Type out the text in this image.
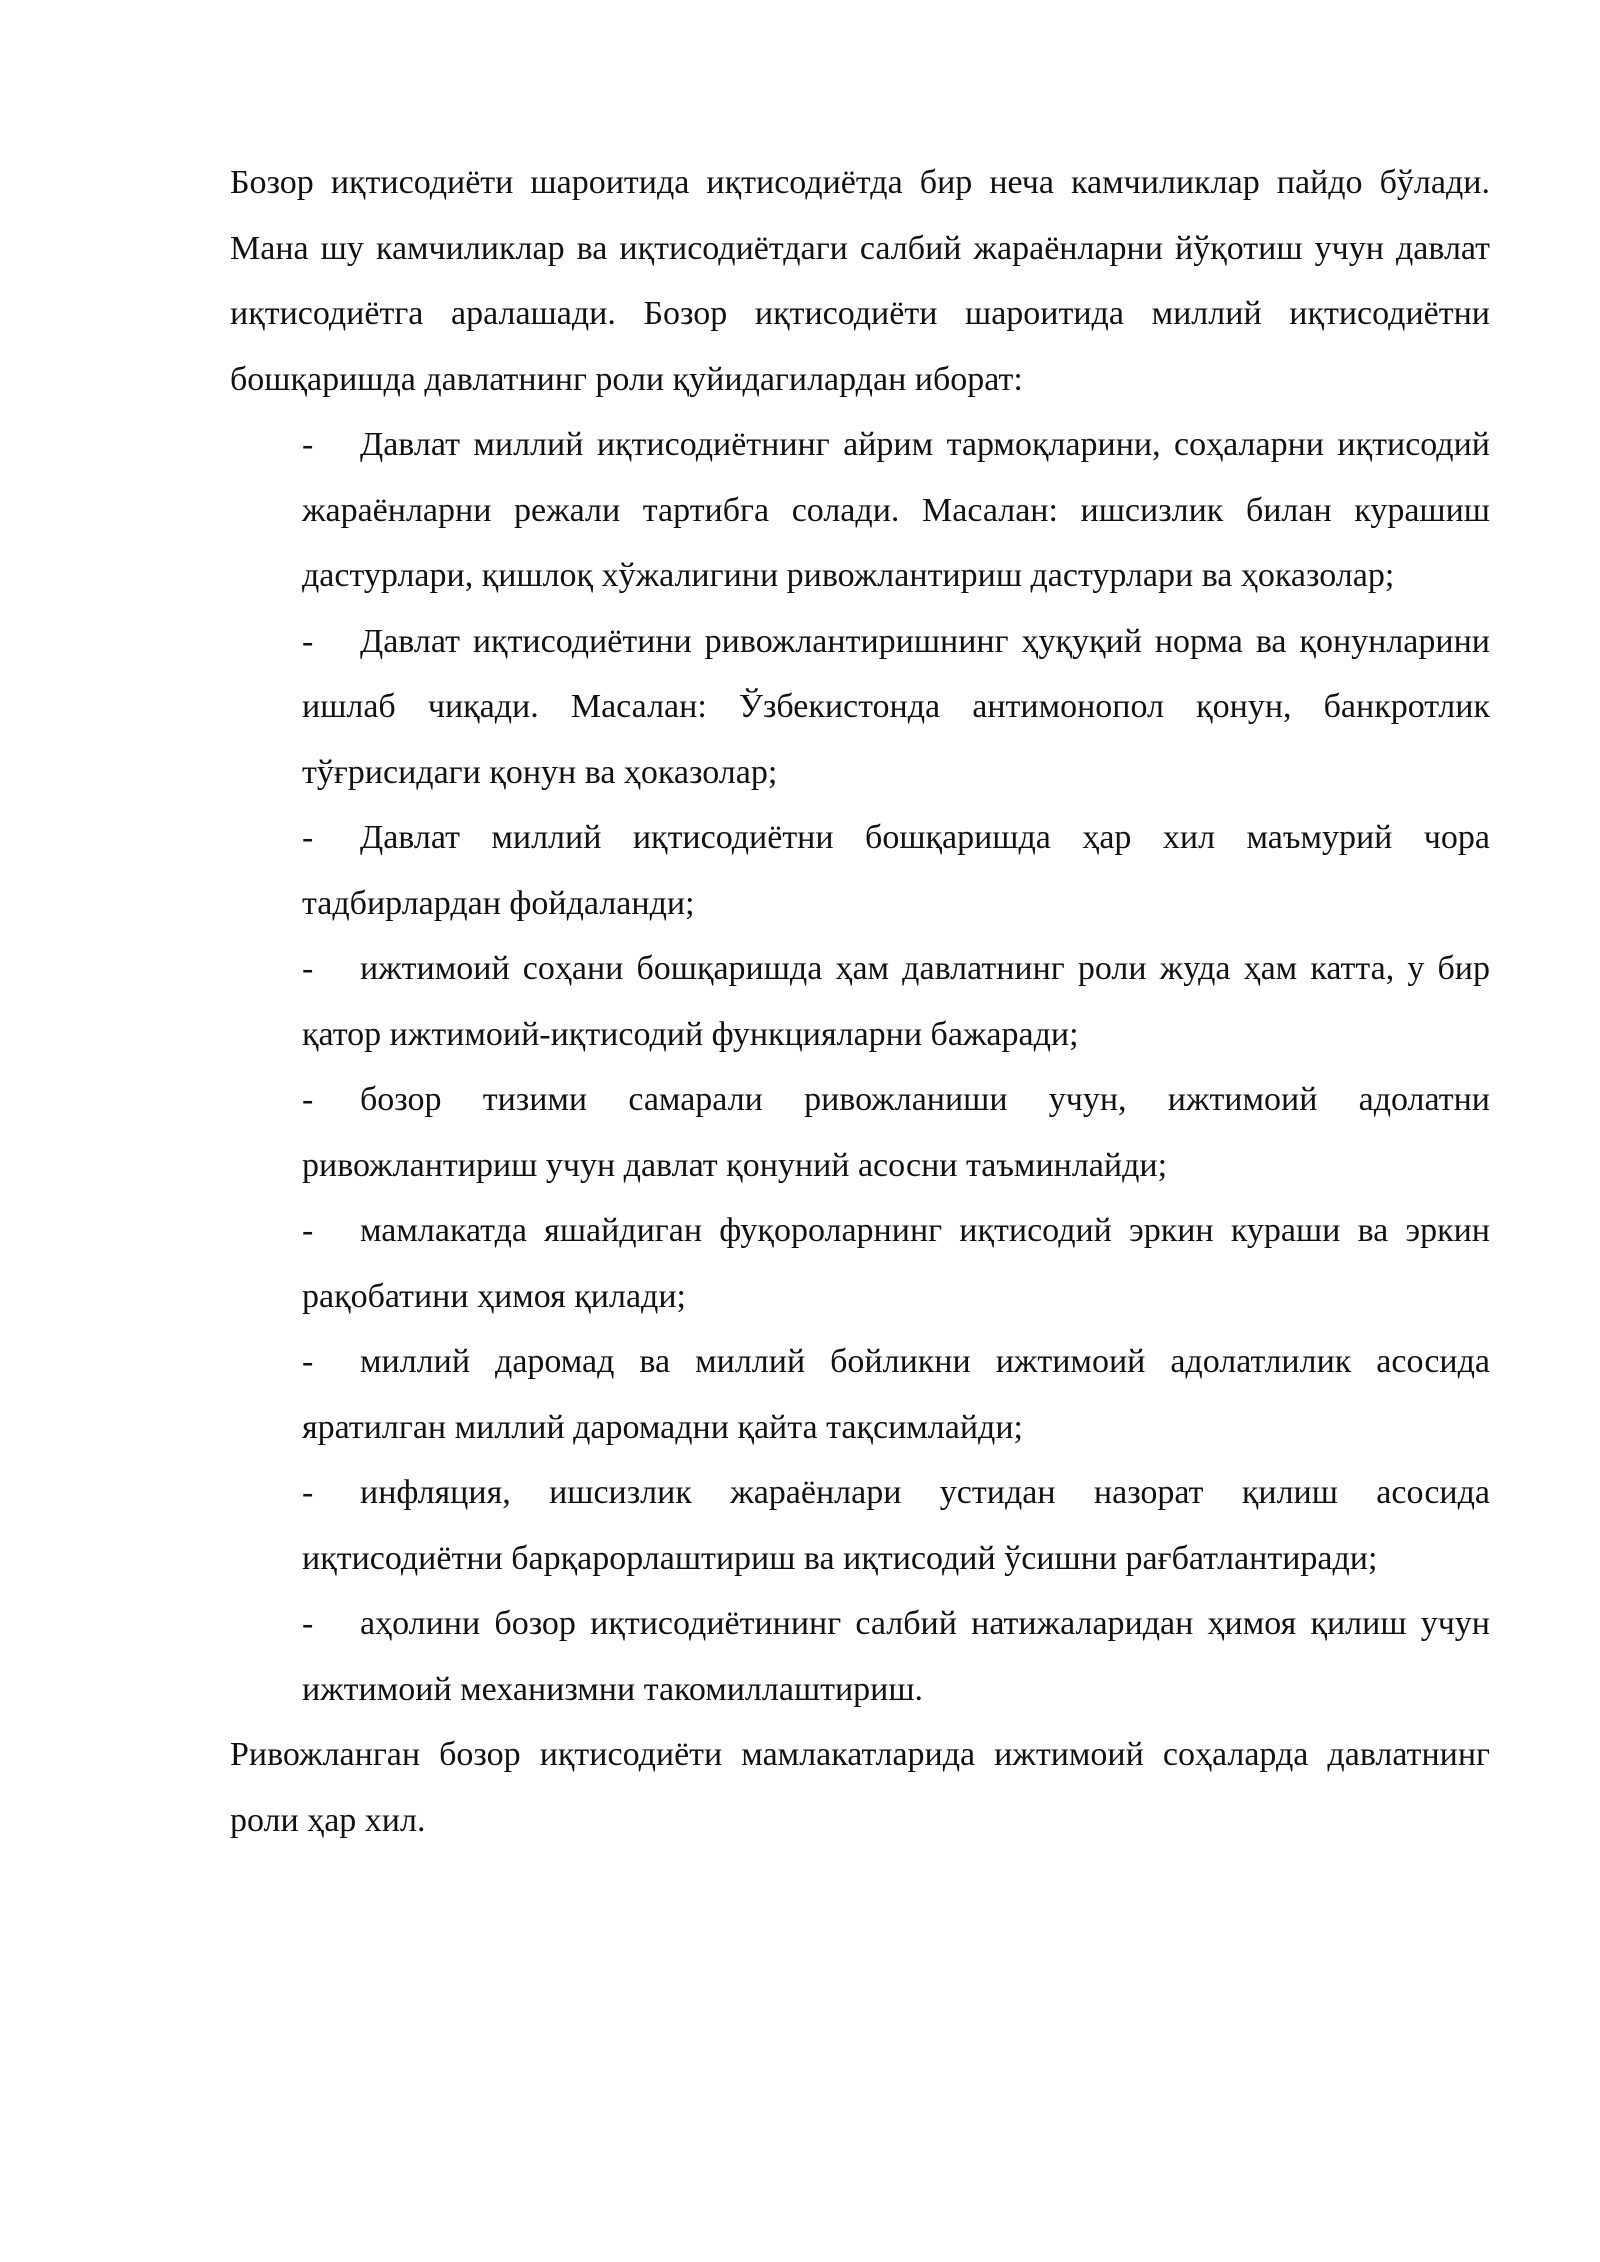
Бозор иқтисодиёти шароитида иқтисодиётда бир неча камчиликлар пайдо бўлади. Мана шу камчиликлар ва иқтисодиётдаги салбий жараёнларни йўқотиш учун давлат иқтисодиётга аралашади. Бозор иқтисодиёти шароитида миллий иқтисодиётни бошқаришда давлатнинг роли қуйидагилардан иборат:

- Давлат миллий иқтисодиётнинг айрим тармоқларини, соҳаларни иқтисодий жараёнларни режали тартибга солади. Масалан: ишсизлик билан курашиш дастурлари, қишлоқ хўжалигини ривожлантириш дастурлари ва ҳоказолар;
- Давлат иқтисодиётини ривожлантиришнинг ҳуқуқий норма ва қонунларини ишлаб чиқади. Масалан: Ўзбекистонда антимонопол қонун, банкротлик тўғрисидаги қонун ва ҳоказолар;
- Давлат миллий иқтисодиётни бошқаришда ҳар хил маъмурий чора тадбирлардан фойдаланди;
- ижтимоий соҳани бошқаришда ҳам давлатнинг роли жуда ҳам катта, у бир қатор ижтимоий-иқтисодий функцияларни бажаради;
- бозор тизими самарали ривожланиши учун, ижтимоий адолатни ривожлантириш учун давлат қонуний асосни таъминлайди;
- мамлакатда яшайдиган фуқороларнинг иқтисодий эркин кураши ва эркин рақобатини ҳимоя қилади;
- миллий даромад ва миллий бойликни ижтимоий адолатлилик асосида яратилган миллий даромадни қайта тақсимлайди;
- инфляция, ишсизлик жараёнлари устидан назорат қилиш асосида иқтисодиётни барқарорлаштириш ва иқтисодий ўсишни рағбатлантиради;
- аҳолини бозор иқтисодиётининг салбий натижаларидан ҳимоя қилиш учун ижтимоий механизмни такомиллаштириш.

Ривожланган бозор иқтисодиёти мамлакатларида ижтимоий соҳаларда давлатнинг роли ҳар хил.
